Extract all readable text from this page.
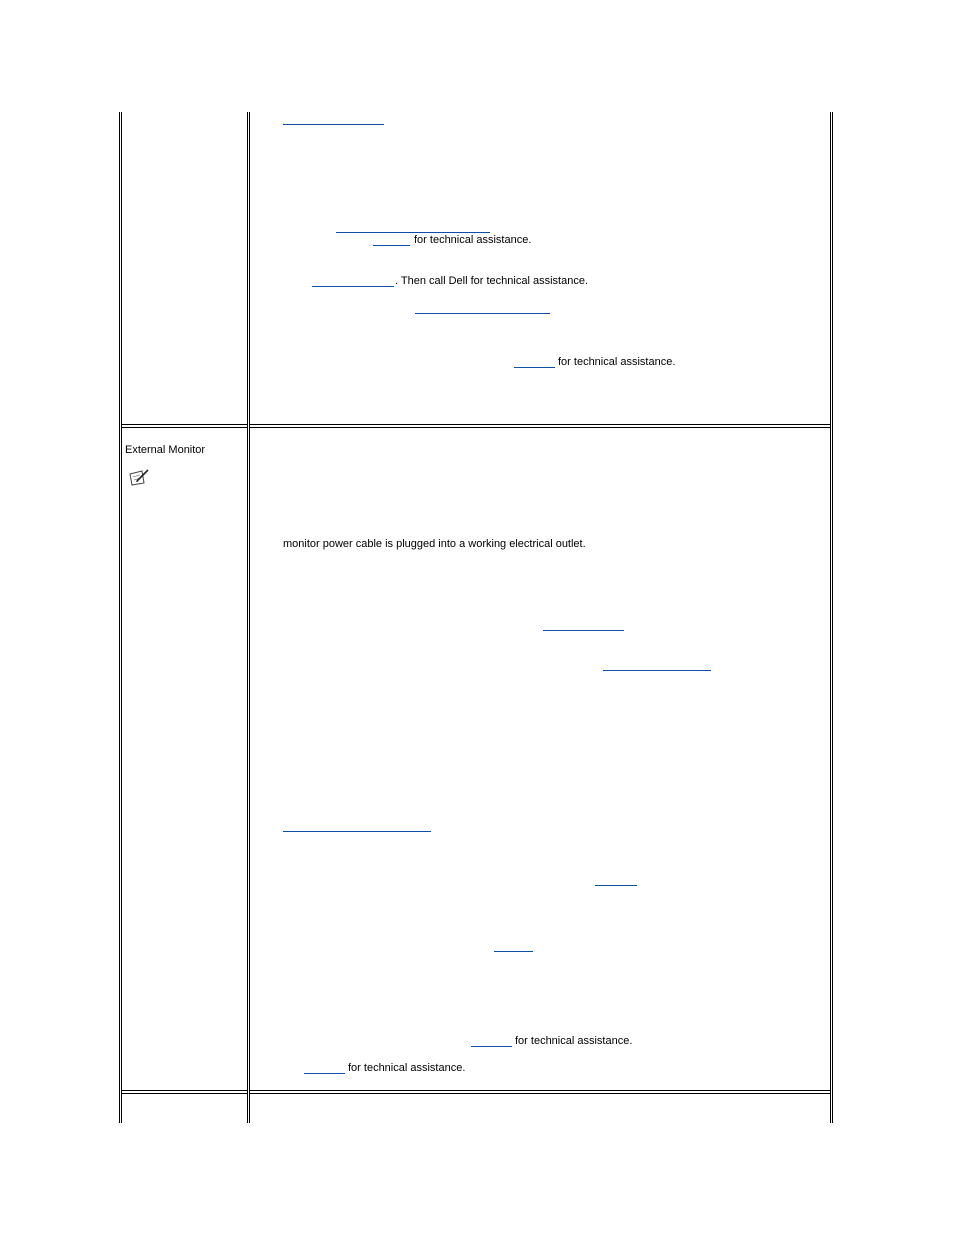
for technical assistance.
. Then call Dell for technical assistance.
for technical assistance.
External Monitor
monitor power cable is plugged into a working electrical outlet.
for technical assistance.
for technical assistance.
